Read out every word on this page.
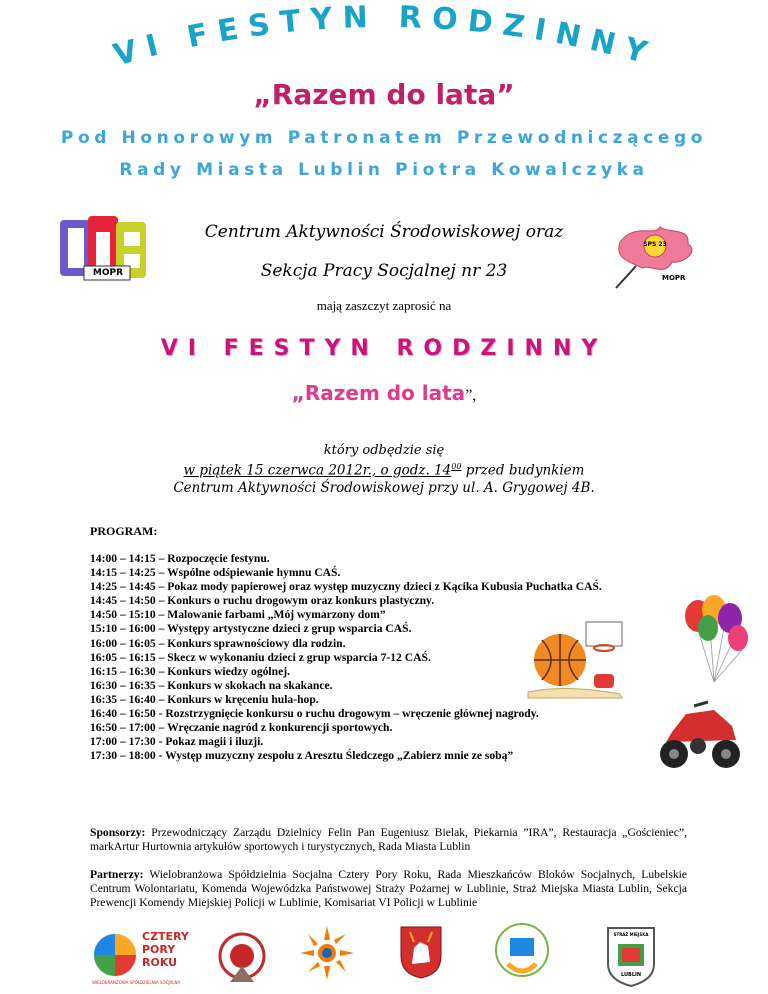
VI FESTYN RODZINNY
„Razem do lata”
Pod Honorowym Patronatem Przewodniczącego
Rady Miasta Lublin Piotra Kowalczyka
MOPR
SPS 23
MOPR
Centrum Aktywności Środowiskowej oraz
Sekcja Pracy Socjalnej nr 23
mają zaszczyt zaprosić na
VI FESTYN RODZINNY
„Razem do lata”,
który odbędzie się
w piątek 15 czerwca 2012r., o godz. $14^{00}$ przed budynkiem
Centrum Aktywności Środowiskowej przy ul. A. Grygowej 4B.
PROGRAM:
14:00 – 14:15 – Rozpoczęcie festynu.
14:15 – 14:25 – Wspólne odśpiewanie hymnu CAŚ.
14:25 – 14:45 – Pokaz mody papierowej oraz występ muzyczny dzieci z Kącika Kubusia Puchatka CAŚ.
14:45 – 14:50 – Konkurs o ruchu drogowym oraz konkurs plastyczny.
14:50 – 15:10 – Malowanie farbami „Mój wymarzony dom”
15:10 – 16:00 – Występy artystyczne dzieci z grup wsparcia CAŚ.
16:00 – 16:05 – Konkurs sprawnościowy dla rodzin.
16:05 – 16:15 – Skecz w wykonaniu dzieci z grup wsparcia 7-12 CAŚ.
16:15 – 16:30 – Konkurs wiedzy ogólnej.
16:30 – 16:35 – Konkurs w skokach na skakance.
16:35 – 16:40 – Konkurs w kręceniu hula-hop.
16:40 – 16:50 - Rozstrzygnięcie konkursu o ruchu drogowym – wręczenie głównej nagrody.
16:50 – 17:00 – Wręczanie nagród z konkurencji sportowych.
17:00 – 17:30 - Pokaz magii i iluzji.
17:30 – 18:00 - Występ muzyczny zespołu z Aresztu Śledczego „Zabierz mnie ze sobą”
Sponsorzy: Przewodniczący Zarządu Dzielnicy Felin Pan Eugeniusz Bielak, Piekarnia ”IRA”, Restauracja „Gościeniec”, markArtur Hurtownia artykułów sportowych i turystycznych, Rada Miasta Lublin
Partnerzy: Wielobranżowa Spółdzielnia Socjalna Cztery Pory Roku, Rada Mieszkańców Bloków Socjalnych, Lubelskie Centrum Wolontariatu, Komenda Wojewódzka Państwowej Straży Pożarnej w Lublinie, Straż Miejska Miasta Lublin, Sekcja Prewencji Komendy Miejskiej Policji w Lublinie, Komisariat VI Policji w Lublinie
CZTERY
PORY
ROKU
WIELOBRANŻOWA SPÓŁDZIELNIA SOCJALNA
STRAŻ MIEJSKA
LUBLIN
